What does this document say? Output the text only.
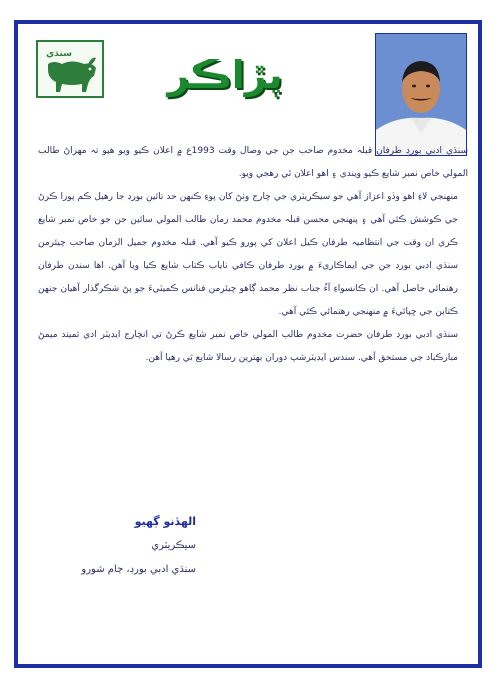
ﺳﻨﮅﻱ	پڙاڪر

سنڌي ادبي بورڊ طرفان قبلہ مخدوم صاحب جن جي وصال وقت 1993ع ۾ اعلان ڪيو ويو هيو تہ مهراڻ طالب المولي خاص نمبر شايع ڪيو ويندي ۽ اهو اعلان ٿي رهجي ويو.

منهنجي لاءِ اهو وڏو اعزاز آهي جو سيڪريٽري جي چارج وٺڻ کان پوءِ ڪنهن حد تائين بورڊ جا رهيل ڪم پورا ڪرڻ جي ڪوشش ڪئي آهي ۽ پنهنجي محسن قبلہ مخدوم محمد زمان طالب المولي سائين جن جو خاص نمبر شايع ڪري ان وقت جي انتظاميہ طرفان ڪيل اعلان کي پورو ڪيو آهي. قبلہ مخدوم جميل الزمان صاحب چيئرمن سنڌي ادبي بورڊ جن جي ايماڪاريءَ ۾ بورڊ طرفان ڪافي ناياب ڪتاب شايع ڪيا ويا آهن. اها سندن طرفان رهنمائي حاصل آهي. ان ڪانسواءِ آءُ جناب نظر محمد ڳاهو چيئرمن فنانس ڪميٽيءَ جو پڻ شڪرگذار آهيان جنهن ڪتابن جي ڇپائيءَ ۾ منهنجي رهنمائي ڪئي آهي.

سنڌي ادبي بورڊ طرفان حضرت مخدوم طالب المولي خاص نمبر شايع ڪرڻ تي انچارج ايڊيٽر ادي ثميند ميمڻ مبارڪباد جي مستحق آهي. سندس ايڊيٽرشپ دوران بهترين رسالا شايع ٿي رهيا آهن.

الهڏنو ڳهيو
سيڪريٽري
سنڌي ادبي بورڊ، ڄام شورو
